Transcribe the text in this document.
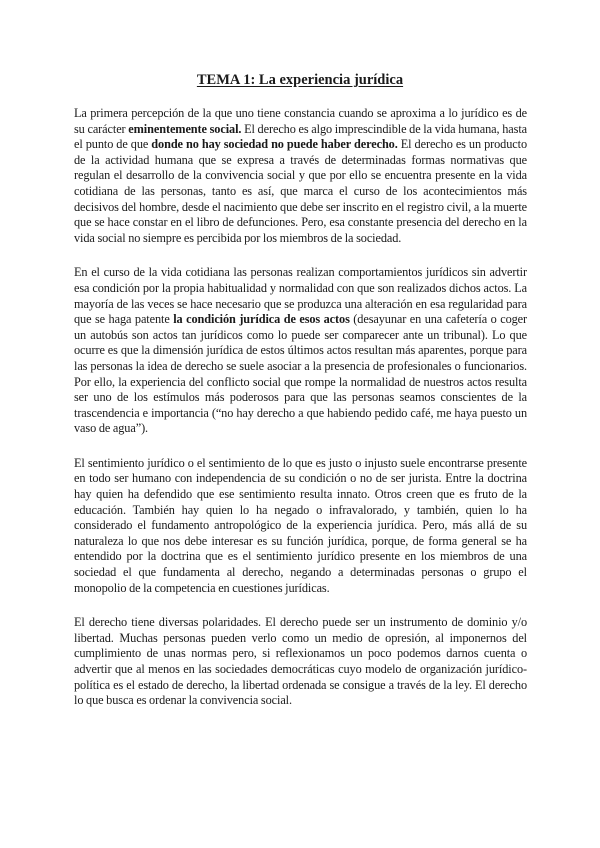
TEMA 1: La experiencia jurídica

La primera percepción de la que uno tiene constancia cuando se aproxima a lo jurídico es de su carácter eminentemente social. El derecho es algo imprescindible de la vida humana, hasta el punto de que donde no hay sociedad no puede haber derecho. El derecho es un producto de la actividad humana que se expresa a través de determinadas formas normativas que regulan el desarrollo de la convivencia social y que por ello se encuentra presente en la vida cotidiana de las personas, tanto es así, que marca el curso de los acontecimientos más decisivos del hombre, desde el nacimiento que debe ser inscrito en el registro civil, a la muerte que se hace constar en el libro de defunciones. Pero, esa constante presencia del derecho en la vida social no siempre es percibida por los miembros de la sociedad.

En el curso de la vida cotidiana las personas realizan comportamientos jurídicos sin advertir esa condición por la propia habitualidad y normalidad con que son realizados dichos actos. La mayoría de las veces se hace necesario que se produzca una alteración en esa regularidad para que se haga patente la condición jurídica de esos actos (desayunar en una cafetería o coger un autobús son actos tan jurídicos como lo puede ser comparecer ante un tribunal). Lo que ocurre es que la dimensión jurídica de estos últimos actos resultan más aparentes, porque para las personas la idea de derecho se suele asociar a la presencia de profesionales o funcionarios. Por ello, la experiencia del conflicto social que rompe la normalidad de nuestros actos resulta ser uno de los estímulos más poderosos para que las personas seamos conscientes de la trascendencia e importancia (“no hay derecho a que habiendo pedido café, me haya puesto un vaso de agua”).

El sentimiento jurídico o el sentimiento de lo que es justo o injusto suele encontrarse presente en todo ser humano con independencia de su condición o no de ser jurista. Entre la doctrina hay quien ha defendido que ese sentimiento resulta innato. Otros creen que es fruto de la educación. También hay quien lo ha negado o infravalorado, y también, quien lo ha considerado el fundamento antropológico de la experiencia jurídica. Pero, más allá de su naturaleza lo que nos debe interesar es su función jurídica, porque, de forma general se ha entendido por la doctrina que es el sentimiento jurídico presente en los miembros de una sociedad el que fundamenta al derecho, negando a determinadas personas o grupo el monopolio de la competencia en cuestiones jurídicas.

El derecho tiene diversas polaridades. El derecho puede ser un instrumento de dominio y/o libertad. Muchas personas pueden verlo como un medio de opresión, al imponernos del cumplimiento de unas normas pero, si reflexionamos un poco podemos darnos cuenta o advertir que al menos en las sociedades democráticas cuyo modelo de organización jurídico-política es el estado de derecho, la libertad ordenada se consigue a través de la ley. El derecho lo que busca es ordenar la convivencia social.
